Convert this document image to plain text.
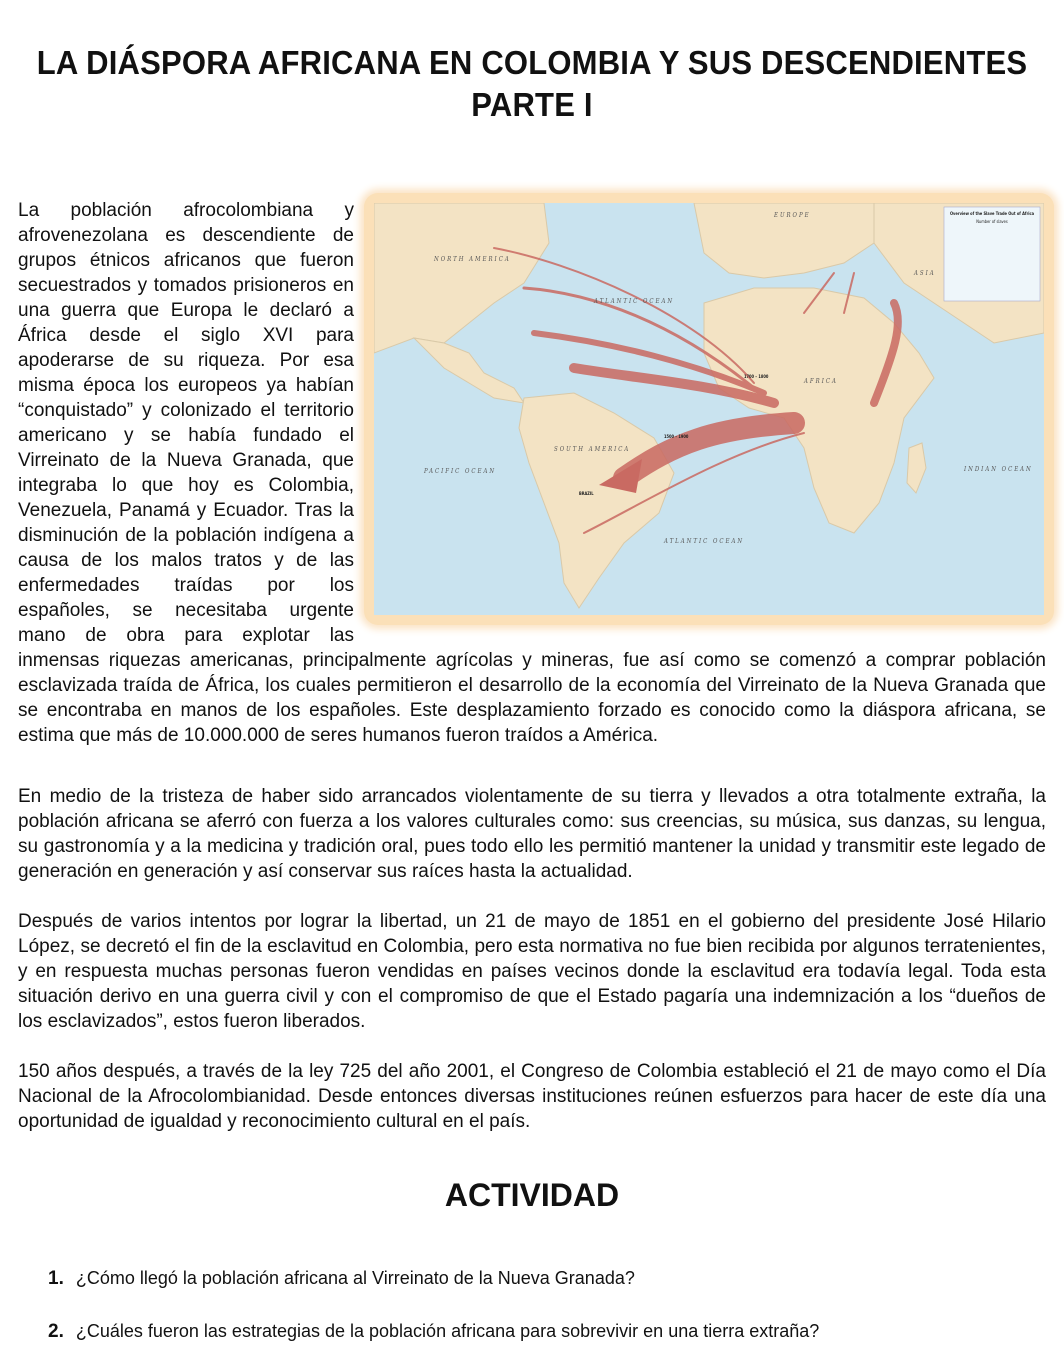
LA DIÁSPORA AFRICANA EN COLOMBIA Y SUS DESCENDIENTES
PARTE I
Overview of the Slave Trade Out of Africa
Number of slaves
EUROPE
NORTH AMERICA
SOUTH AMERICA
AFRICA
ASIA
ATLANTIC OCEAN
ATLANTIC OCEAN
PACIFIC OCEAN	INDIAN OCEAN
BRAZIL
1700 – 1800
1500 – 1900
La población afrocolombiana y afrovenezolana es descendiente de grupos étnicos africanos que fueron secuestrados y tomados prisioneros en una guerra que Europa le declaró a África desde el siglo XVI para apoderarse de su riqueza. Por esa misma época los europeos ya habían “conquistado” y colonizado el territorio americano y se había fundado el Virreinato de la Nueva Granada, que integraba lo que hoy es Colombia, Venezuela, Panamá y Ecuador. Tras la disminución de la población indígena a causa de los malos tratos y de las enfermedades traídas por los españoles, se necesitaba urgente mano de obra para explotar las inmensas riquezas americanas, principalmente agrícolas y mineras, fue así como se comenzó a comprar población esclavizada traída de África, los cuales permitieron el desarrollo de la economía del Virreinato de la Nueva Granada que se encontraba en manos de los españoles. Este desplazamiento forzado es conocido como la diáspora africana, se estima que más de 10.000.000 de seres humanos fueron traídos a América.
En medio de la tristeza de haber sido arrancados violentamente de su tierra y llevados a otra totalmente extraña, la población africana se aferró con fuerza a los valores culturales como: sus creencias, su música, sus danzas, su lengua, su gastronomía y a la medicina y tradición oral, pues todo ello les permitió mantener la unidad y transmitir este legado de generación en generación y así conservar sus raíces hasta la actualidad.
Después de varios intentos por lograr la libertad, un 21 de mayo de 1851 en el gobierno del presidente José Hilario López, se decretó el fin de la esclavitud en Colombia, pero esta normativa no fue bien recibida por algunos terratenientes, y en respuesta muchas personas fueron vendidas en países vecinos donde la esclavitud era todavía legal. Toda esta situación derivo en una guerra civil y con el compromiso de que el Estado pagaría una indemnización a los “dueños de los esclavizados”, estos fueron liberados.
150 años después, a través de la ley 725 del año 2001, el Congreso de Colombia estableció el 21 de mayo como el Día Nacional de la Afrocolombianidad. Desde entonces diversas instituciones reúnen esfuerzos para hacer de este día una oportunidad de igualdad y reconocimiento cultural en el país.
ACTIVIDAD
1. ¿Cómo llegó la población africana al Virreinato de la Nueva Granada?
2. ¿Cuáles fueron las estrategias de la población africana para sobrevivir en una tierra extraña?
